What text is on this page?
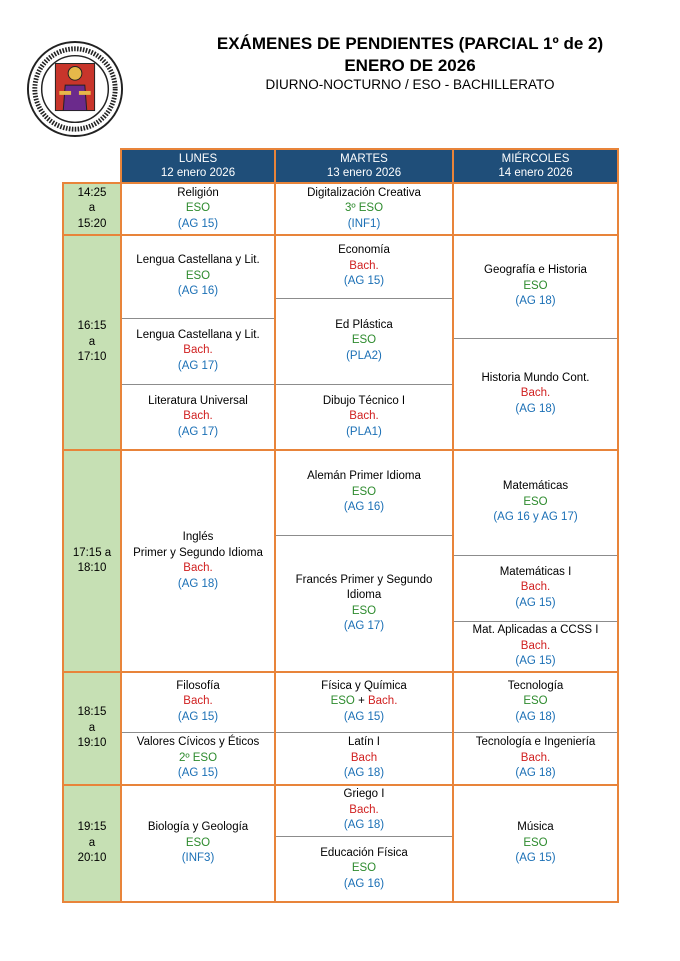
EXÁMENES DE PENDIENTES (PARCIAL 1º de 2)
ENERO DE 2026
DIURNO-NOCTURNO / ESO - BACHILLERATO
LUNES
12 enero 2026
MARTES
13 enero 2026
MIÉRCOLES
14 enero 2026
14:25
a
15:20
16:15
a
17:10
17:15 a
18:10
18:15
a
19:10
19:15
a
20:10
Religión
ESO
(AG 15)
Lengua Castellana y Lit.
ESO
(AG 16)
Lengua Castellana y Lit.
Bach.
(AG 17)
Literatura Universal
Bach.
(AG 17)
Inglés
Primer y Segundo Idioma
Bach.
(AG 18)
Filosofía
Bach.
(AG 15)
Valores Cívicos y Éticos
2º ESO
(AG 15)
Biología y Geología
ESO
(INF3)
Digitalización Creativa
3º ESO
(INF1)
Economía
Bach.
(AG 15)
Ed Plástica
ESO
(PLA2)
Dibujo Técnico I
Bach.
(PLA1)
Alemán Primer Idioma
ESO
(AG 16)
Francés Primer y Segundo
Idioma
ESO
(AG 17)
Física y Química
ESO + Bach.
(AG 15)
Latín I
Bach
(AG 18)
Griego I
Bach.
(AG 18)
Educación Física
ESO
(AG 16)
Geografía e Historia
ESO
(AG 18)
Historia Mundo Cont.
Bach.
(AG 18)
Matemáticas
ESO
(AG 16 y AG 17)
Matemáticas I
Bach.
(AG 15)
Mat. Aplicadas a CCSS I
Bach.
(AG 15)
Tecnología
ESO
(AG 18)
Tecnología e Ingeniería
Bach.
(AG 18)
Música
ESO
(AG 15)
